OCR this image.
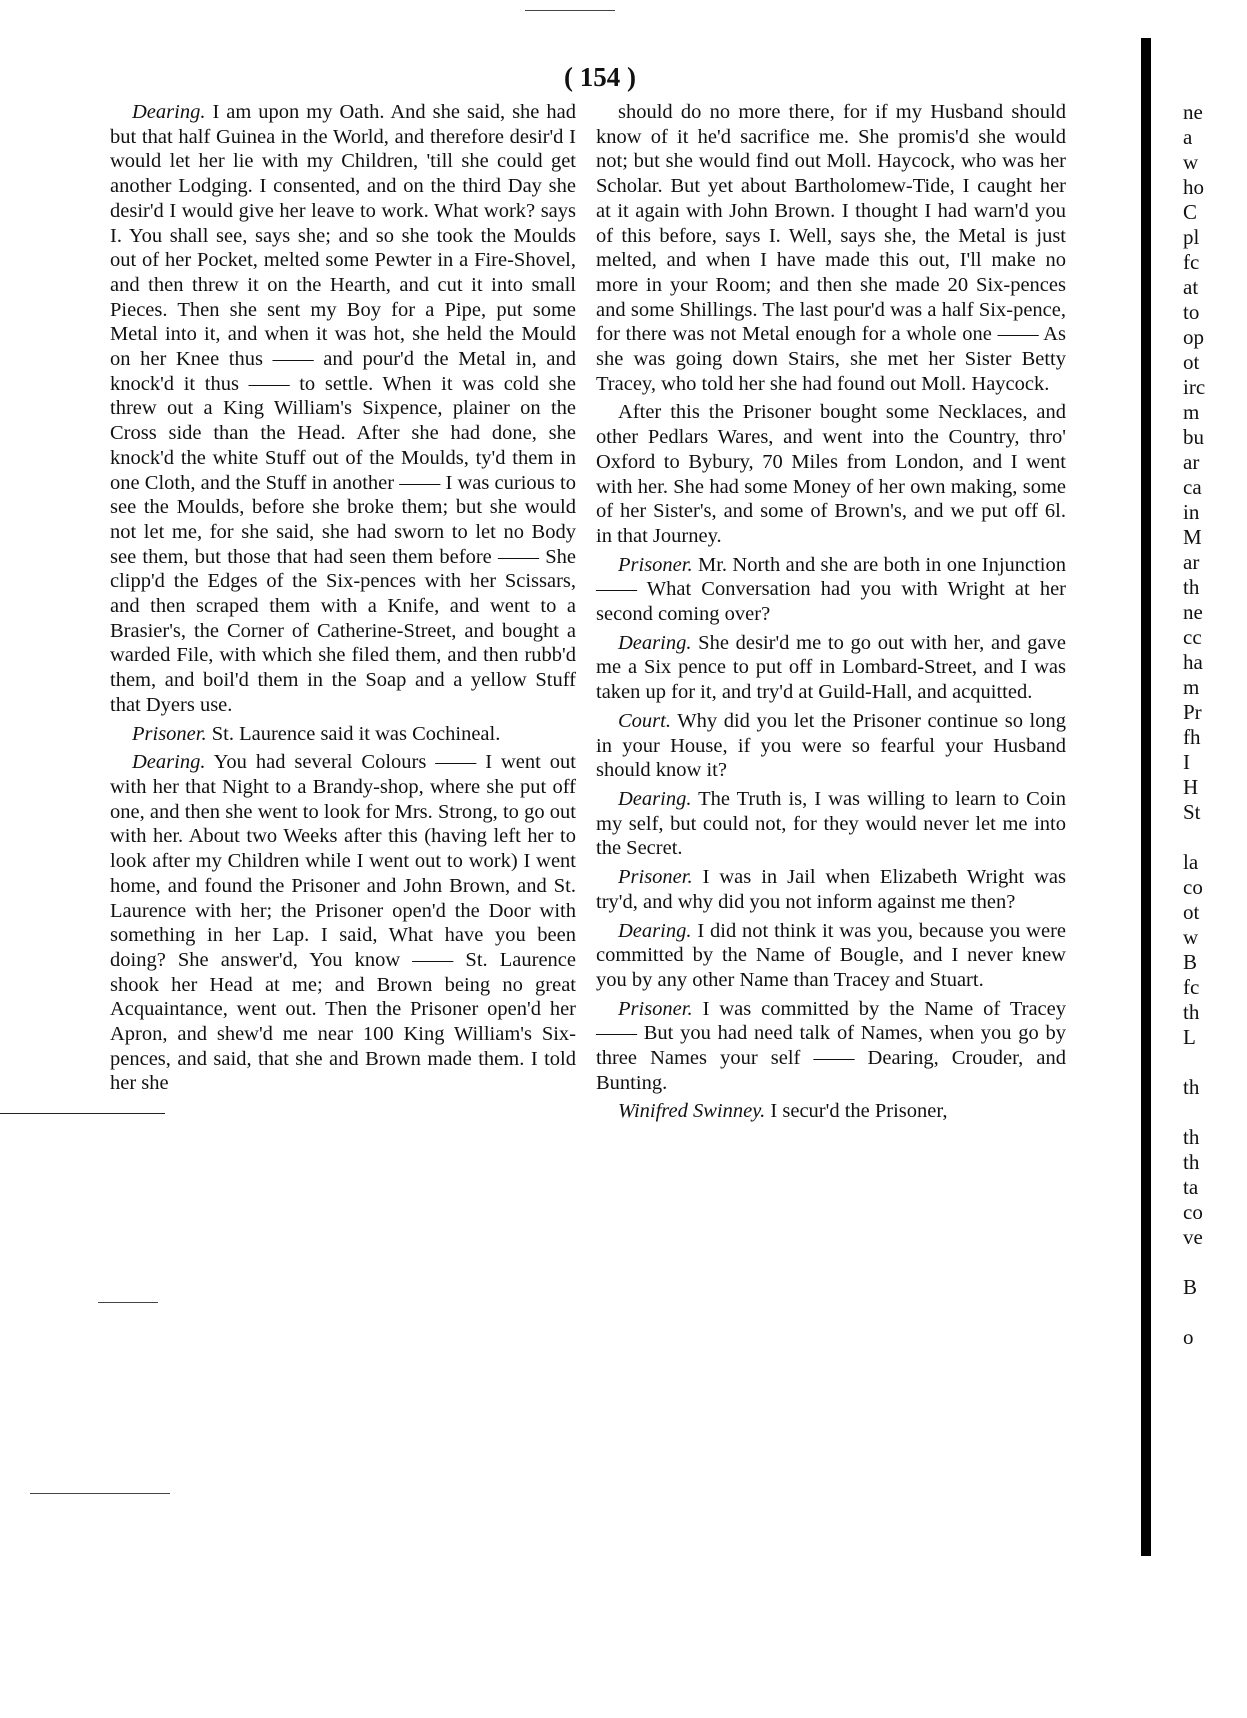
( 154 )

Dearing. I am upon my Oath. And she said, she had but that half Guinea in the World, and therefore desir'd I would let her lie with my Children, 'till she could get another Lodging. I consented, and on the third Day she desir'd I would give her leave to work. What work? says I. You shall see, says she; and so she took the Moulds out of her Pocket, melted some Pewter in a Fire-Shovel, and then threw it on the Hearth, and cut it into small Pieces. Then she sent my Boy for a Pipe, put some Metal into it, and when it was hot, she held the Mould on her Knee thus —— and pour'd the Metal in, and knock'd it thus —— to settle. When it was cold she threw out a King William's Sixpence, plainer on the Cross side than the Head. After she had done, she knock'd the white Stuff out of the Moulds, ty'd them in one Cloth, and the Stuff in another —— I was curious to see the Moulds, before she broke them; but she would not let me, for she said, she had sworn to let no Body see them, but those that had seen them before —— She clipp'd the Edges of the Six-pences with her Scissars, and then scraped them with a Knife, and went to a Brasier's, the Corner of Catherine-Street, and bought a warded File, with which she filed them, and then rubb'd them, and boil'd them in the Soap and a yellow Stuff that Dyers use.

Prisoner. St. Laurence said it was Cochineal.

Dearing. You had several Colours —— I went out with her that Night to a Brandy-shop, where she put off one, and then she went to look for Mrs. Strong, to go out with her. About two Weeks after this (having left her to look after my Children while I went out to work) I went home, and found the Prisoner and John Brown, and St. Laurence with her; the Prisoner open'd the Door with something in her Lap. I said, What have you been doing? She answer'd, You know —— St. Laurence shook her Head at me; and Brown being no great Acquaintance, went out. Then the Prisoner open'd her Apron, and shew'd me near 100 King William's Six-pences, and said, that she and Brown made them. I told her she

should do no more there, for if my Husband should know of it he'd sacrifice me. She promis'd she would not; but she would find out Moll. Haycock, who was her Scholar. But yet about Bartholomew-Tide, I caught her at it again with John Brown. I thought I had warn'd you of this before, says I. Well, says she, the Metal is just melted, and when I have made this out, I'll make no more in your Room; and then she made 20 Six-pences and some Shillings. The last pour'd was a half Six-pence, for there was not Metal enough for a whole one —— As she was going down Stairs, she met her Sister Betty Tracey, who told her she had found out Moll. Haycock.

After this the Prisoner bought some Necklaces, and other Pedlars Wares, and went into the Country, thro' Oxford to Bybury, 70 Miles from London, and I went with her. She had some Money of her own making, some of her Sister's, and some of Brown's, and we put off 6l. in that Journey.

Prisoner. Mr. North and she are both in one Injunction —— What Conversation had you with Wright at her second coming over?

Dearing. She desir'd me to go out with her, and gave me a Six pence to put off in Lombard-Street, and I was taken up for it, and try'd at Guild-Hall, and acquitted.

Court. Why did you let the Prisoner continue so long in your House, if you were so fearful your Husband should know it?

Dearing. The Truth is, I was willing to learn to Coin my self, but could not, for they would never let me into the Secret.

Prisoner. I was in Jail when Elizabeth Wright was try'd, and why did you not inform against me then?

Dearing. I did not think it was you, because you were committed by the Name of Bougle, and I never knew you by any other Name than Tracey and Stuart.

Prisoner. I was committed by the Name of Tracey —— But you had need talk of Names, when you go by three Names your self —— Dearing, Crouder, and Bunting.

Winifred Swinney. I secur'd the Prisoner,

ne
a
w
ho
C
pl
fc
at
to
op
ot
irc
m
bu
ar
ca
in
M
ar
th
ne
cc
ha
m
Pr
fh
I
H
St
la
co
ot
w
B
fc
th
L
th
th
th
ta
co
ve
B
o
